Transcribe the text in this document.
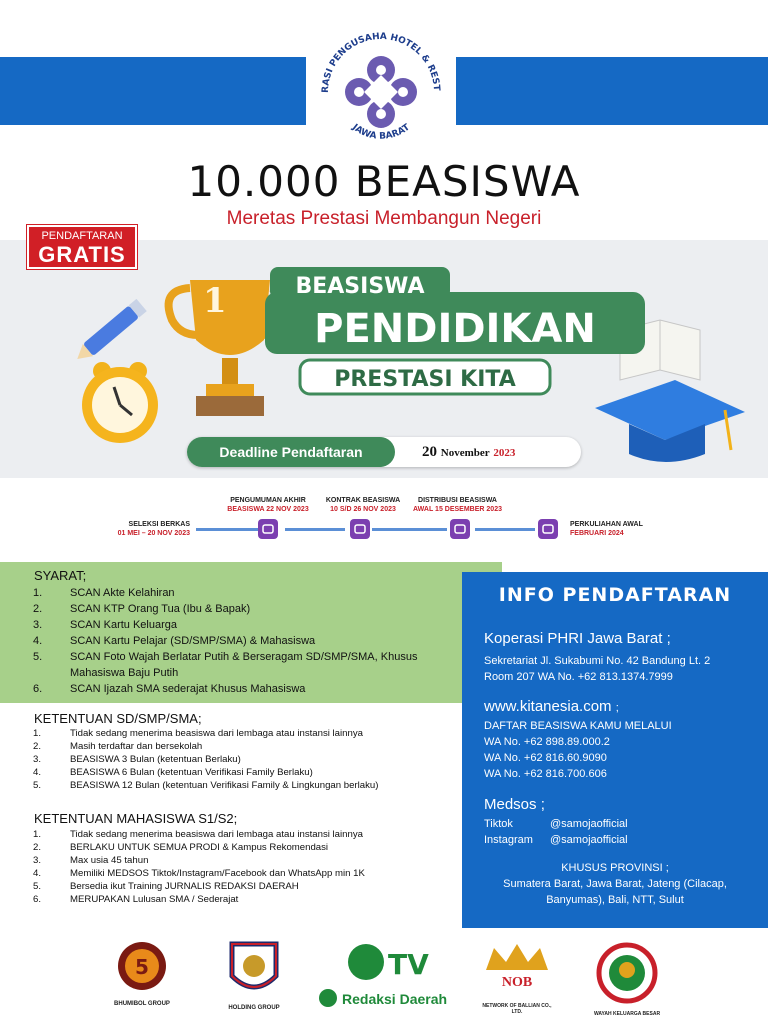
RASI PENGUSAHA HOTEL & REST
JAWA BARAT
10.000 BEASISWA
Meretas Prestasi Membangun Negeri
1	BEASISWA
PENDIDIKAN
PRESTASI KITA
PENDAFTARAN
GRATIS
Deadline Pendaftaran	20 November 2023
SELEKSI BERKAS
01 MEI – 20 NOV 2023
PENGUMUMAN AKHIR
BEASISWA 22 NOV 2023
KONTRAK BEASISWA
10 S/D 26 NOV 2023
DISTRIBUSI BEASISWA
AWAL 15 DESEMBER 2023
PERKULIAHAN AWAL
FEBRUARI 2024
SYARAT;
1.	SCAN Akte Kelahiran
2.	SCAN KTP Orang Tua (Ibu & Bapak)
3.	SCAN Kartu Keluarga
4.	SCAN Kartu Pelajar (SD/SMP/SMA) & Mahasiswa
5.	SCAN Foto Wajah Berlatar Putih & Berseragam SD/SMP/SMA, Khusus Mahasiswa Baju Putih
6.	SCAN Ijazah SMA sederajat Khusus Mahasiswa
KETENTUAN SD/SMP/SMA;
1.	Tidak sedang menerima beasiswa dari lembaga atau instansi lainnya
2.	Masih terdaftar dan bersekolah
3.	BEASISWA 3 Bulan (ketentuan Berlaku)
4.	BEASISWA 6 Bulan (ketentuan Verifikasi Family Berlaku)
5.	BEASISWA 12 Bulan (ketentuan Verifikasi Family & Lingkungan berlaku)
KETENTUAN MAHASISWA S1/S2;
1.	Tidak sedang menerima beasiswa dari lembaga atau instansi lainnya
2.	BERLAKU UNTUK SEMUA PRODI & Kampus Rekomendasi
3.	Max usia 45 tahun
4.	Memiliki MEDSOS Tiktok/Instagram/Facebook dan WhatsApp min 1K
5.	Bersedia ikut Training JURNALIS REDAKSI DAERAH
6.	MERUPAKAN Lulusan SMA / Sederajat
INFO PENDAFTARAN
Koperasi PHRI Jawa Barat ;
Sekretariat Jl. Sukabumi No. 42 Bandung Lt. 2
Room 207 WA No. +62 813.1374.7999
www.kitanesia.com ;
DAFTAR BEASISWA KAMU MELALUI
WA No. +62 898.89.000.2
WA No. +62 816.60.9090
WA No. +62 816.700.606
Medsos ;
Tiktok	@samojaofficial
Instagram @samojaofficial
KHUSUS PROVINSI ;
Sumatera Barat, Jawa Barat, Jateng (Cilacap,
Banyumas), Bali, NTT, Sulut
5
BHUMIBOL GROUP
HOLDING GROUP
TV
Redaksi Daerah
NOB
NETWORK OF BALLIAN CO., LTD.	WAYAH KELUARGA BESAR
